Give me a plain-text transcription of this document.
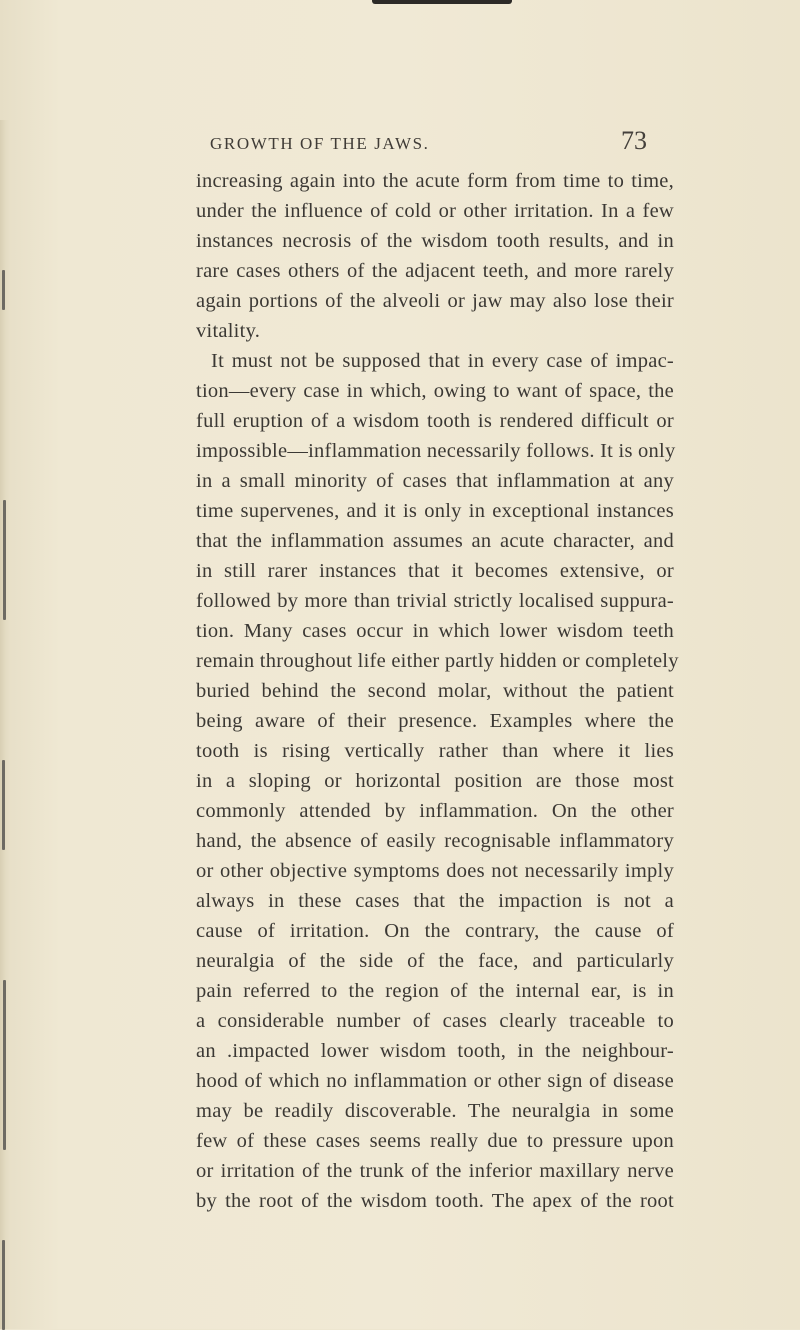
GROWTH OF THE JAWS.	73
increasing again into the acute form from time to time,
under the influence of cold or other irritation. In a few
instances necrosis of the wisdom tooth results, and in
rare cases others of the adjacent teeth, and more rarely
again portions of the alveoli or jaw may also lose their
vitality.
It must not be supposed that in every case of impac-
tion—every case in which, owing to want of space, the
full eruption of a wisdom tooth is rendered difficult or
impossible—inflammation necessarily follows. It is only
in a small minority of cases that inflammation at any
time supervenes, and it is only in exceptional instances
that the inflammation assumes an acute character, and
in still rarer instances that it becomes extensive, or
followed by more than trivial strictly localised suppura-
tion. Many cases occur in which lower wisdom teeth
remain throughout life either partly hidden or completely
buried behind the second molar, without the patient
being aware of their presence. Examples where the
tooth is rising vertically rather than where it lies
in a sloping or horizontal position are those most
commonly attended by inflammation. On the other
hand, the absence of easily recognisable inflammatory
or other objective symptoms does not necessarily imply
always in these cases that the impaction is not a
cause of irritation. On the contrary, the cause of
neuralgia of the side of the face, and particularly
pain referred to the region of the internal ear, is in
a considerable number of cases clearly traceable to
an .impacted lower wisdom tooth, in the neighbour-
hood of which no inflammation or other sign of disease
may be readily discoverable. The neuralgia in some
few of these cases seems really due to pressure upon
or irritation of the trunk of the inferior maxillary nerve
by the root of the wisdom tooth. The apex of the root
